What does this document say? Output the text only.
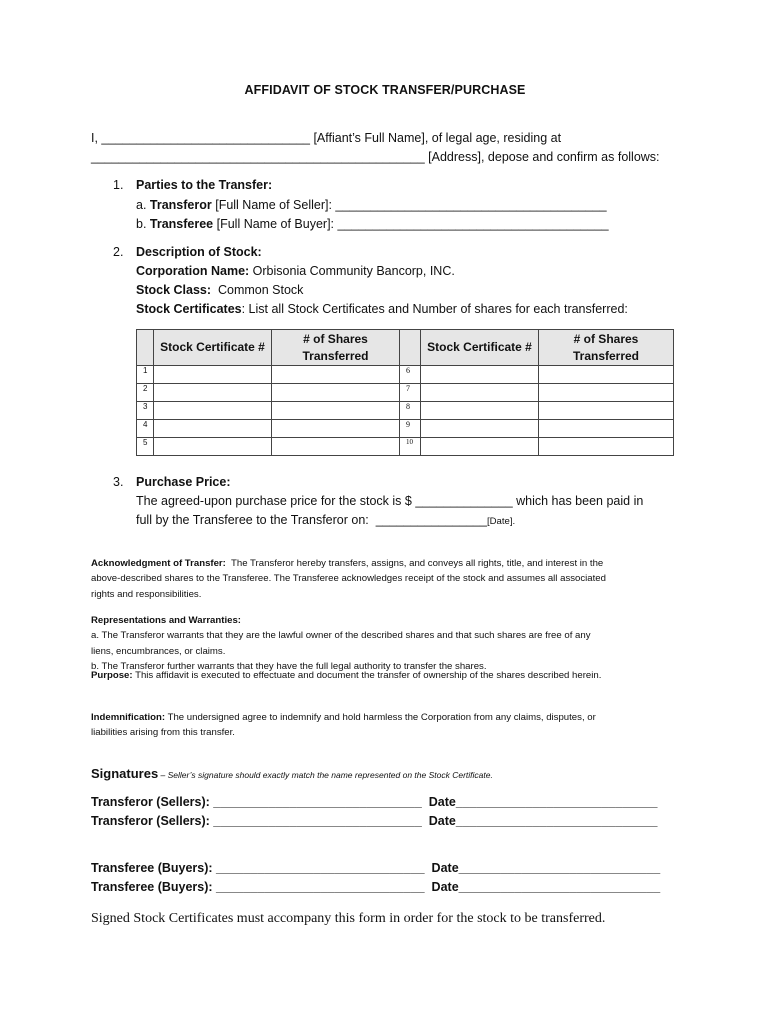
AFFIDAVIT OF STOCK TRANSFER/PURCHASE
I, ______________________________ [Affiant’s Full Name], of legal age, residing at
________________________________________________ [Address], depose and confirm as follows:
1. Parties to the Transfer:
a. Transferor [Full Name of Seller]: _______________________________________
b. Transferee [Full Name of Buyer]: _______________________________________
2. Description of Stock:
Corporation Name: Orbisonia Community Bancorp, INC.
Stock Class:  Common Stock
Stock Certificates: List all Stock Certificates and Number of shares for each transferred:
	Stock Certificate #	# of Shares Transferred		Stock Certificate #	# of Shares Transferred
1			6		
2			7		
3			8		
4			9		
5			10		
3. Purchase Price:
The agreed-upon purchase price for the stock is $ ______________ which has been paid in
full by the Transferee to the Transferor on:  ________________[Date].

Acknowledgment of Transfer:  The Transferor hereby transfers, assigns, and conveys all rights, title, and interest in the
above-described shares to the Transferee. The Transferee acknowledges receipt of the stock and assumes all associated
rights and responsibilities.

Representations and Warranties:
a. The Transferor warrants that they are the lawful owner of the described shares and that such shares are free of any
liens, encumbrances, or claims.
b. The Transferor further warrants that they have the full legal authority to transfer the shares.
Purpose: This affidavit is executed to effectuate and document the transfer of ownership of the shares described herein.

Indemnification: The undersigned agree to indemnify and hold harmless the Corporation from any claims, disputes, or
liabilities arising from this transfer.
Signatures – Seller’s signature should exactly match the name represented on the Stock Certificate.
Transferor (Sellers): ______________________________  Date_____________________________
Transferor (Sellers): ______________________________  Date_____________________________
Transferee (Buyers): ______________________________  Date_____________________________
Transferee (Buyers): ______________________________  Date_____________________________
Signed Stock Certificates must accompany this form in order for the stock to be transferred.
